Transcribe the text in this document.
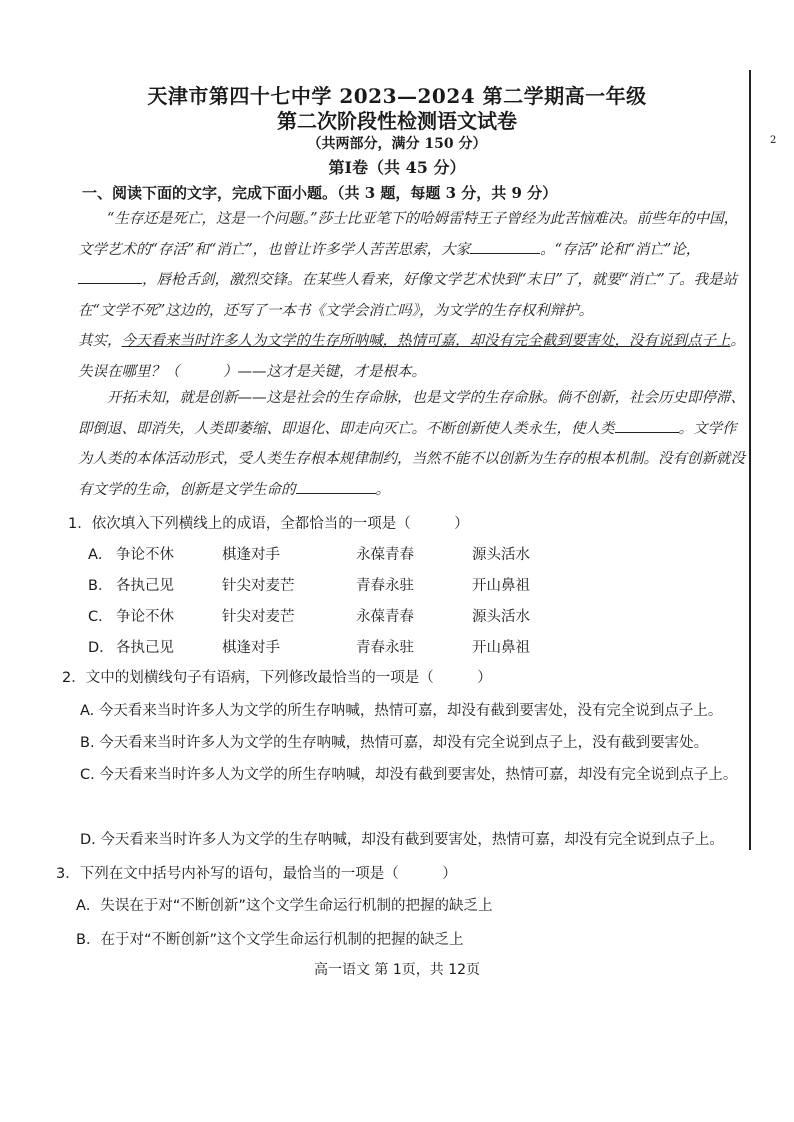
2
天津市第四十七中学 2023—2024 第二学期高一年级
第二次阶段性检测语文试卷
（共两部分，满分 150 分）
第Ⅰ卷（共 45 分）
一、阅读下面的文字，完成下面小题。（共 3 题，每题 3 分，共 9 分）

“生存还是死亡，这是一个问题。”莎士比亚笔下的哈姆雷特王子曾经为此苦恼难决。前些年的中国，文学艺术的“存活”和“消亡”，也曾让许多学人苦苦思索，大家	。“存活”论和“消亡”论，，唇枪舌剑，激烈交锋。在某些人看来，好像文学艺术快到“末日”了，就要“消亡”了。我是站在“文学不死”这边的，还写了一本书《文学会消亡吗》，为文学的生存权利辩护。

其实，今天看来当时许多人为文学的生存所呐喊，热情可嘉，却没有完全截到要害处，没有说到点子上。失误在哪里？（　　　）——这才是关键，才是根本。

开拓未知，就是创新——这是社会的生存命脉，也是文学的生存命脉。倘不创新，社会历史即停滞、即倒退、即消失，人类即萎缩、即退化、即走向灭亡。不断创新使人类永生，使人类	。文学作为人类的本体活动形式，受人类生存根本规律制约，当然不能不以创新为生存的根本机制。没有创新就没有文学的生命，创新是文学生命的	。

1．依次填入下列横线上的成语，全都恰当的一项是（　　　）
A． 争论不休	棋逢对手	永葆青春	源头活水
B． 各执己见	针尖对麦芒	青春永驻	开山鼻祖
C． 争论不休	针尖对麦芒	永葆青春	源头活水
D． 各执己见	棋逢对手	青春永驻	开山鼻祖
2．文中的划横线句子有语病，下列修改最恰当的一项是（　　　）
A. 今天看来当时许多人为文学的所生存呐喊，热情可嘉，却没有截到要害处，没有完全说到点子上。
B. 今天看来当时许多人为文学的生存呐喊，热情可嘉，却没有完全说到点子上，没有截到要害处。
C. 今天看来当时许多人为文学的所生存呐喊，却没有截到要害处，热情可嘉，却没有完全说到点子上。
D. 今天看来当时许多人为文学的生存呐喊，却没有截到要害处，热情可嘉，却没有完全说到点子上。
3．下列在文中括号内补写的语句，最恰当的一项是（　　　）
A．失误在于对“不断创新”这个文学生命运行机制的把握的缺乏上
B．在于对“不断创新”这个文学生命运行机制的把握的缺乏上
高一语文 第 1页，共 12页
